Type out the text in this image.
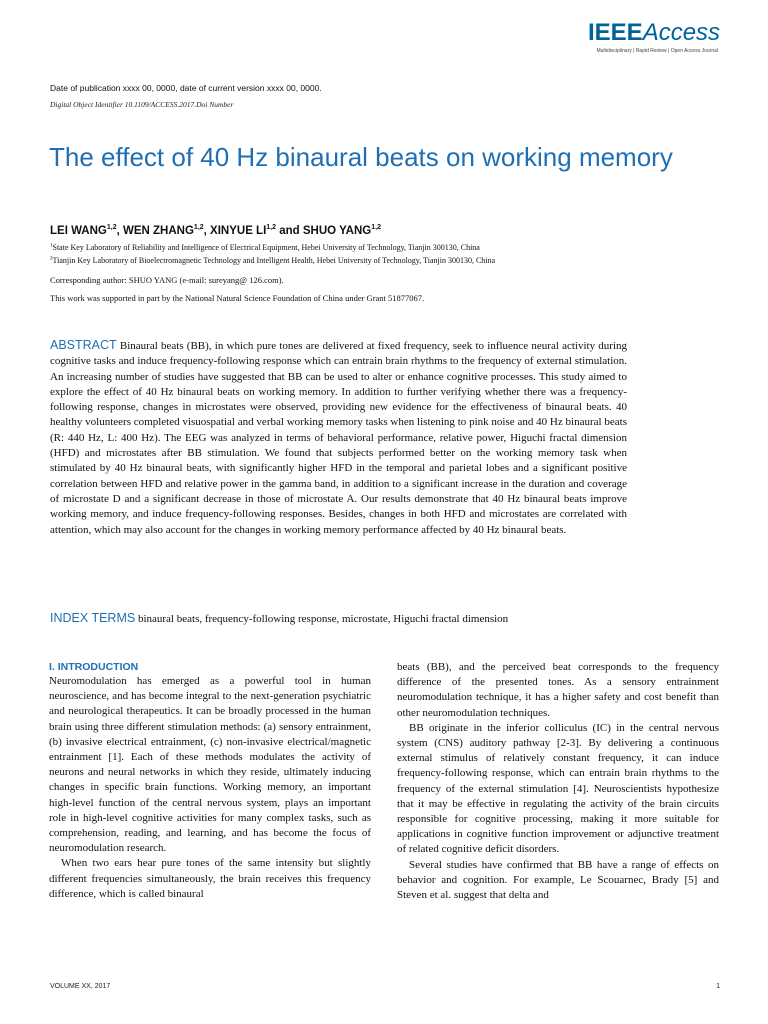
IEEEAccess
Multidisciplinary | Rapid Review | Open Access Journal
Date of publication xxxx 00, 0000, date of current version xxxx 00, 0000.
Digital Object Identifier 10.1109/ACCESS.2017.Doi Number
The effect of 40 Hz binaural beats on working memory
LEI WANG$^{1,2}$, WEN ZHANG$^{1,2}$, XINYUE LI$^{1,2}$ and SHUO YANG$^{1,2}$
$^1$State Key Laboratory of Reliability and Intelligence of Electrical Equipment, Hebei University of Technology, Tianjin 300130, China
$^2$Tianjin Key Laboratory of Bioelectromagnetic Technology and Intelligent Health, Hebei University of Technology, Tianjin 300130, China
Corresponding author: SHUO YANG (e-mail: sureyang@ 126.com).
This work was supported in part by the National Natural Science Foundation of China under Grant 51877067.

ABSTRACT Binaural beats (BB), in which pure tones are delivered at fixed frequency, seek to influence neural activity during cognitive tasks and induce frequency-following response which can entrain brain rhythms to the frequency of external stimulation. An increasing number of studies have suggested that BB can be used to alter or enhance cognitive processes. This study aimed to explore the effect of 40 Hz binaural beats on working memory. In addition to further verifying whether there was a frequency-following response, changes in microstates were observed, providing new evidence for the effectiveness of binaural beats. 40 healthy volunteers completed visuospatial and verbal working memory tasks when listening to pink noise and 40 Hz binaural beats (R: 440 Hz, L: 400 Hz). The EEG was analyzed in terms of behavioral performance, relative power, Higuchi fractal dimension (HFD) and microstates after BB stimulation. We found that subjects performed better on the working memory task when stimulated by 40 Hz binaural beats, with significantly higher HFD in the temporal and parietal lobes and a significant positive correlation between HFD and relative power in the gamma band, in addition to a significant increase in the duration and coverage of microstate D and a significant decrease in those of microstate A. Our results demonstrate that 40 Hz binaural beats improve working memory, and induce frequency-following responses. Besides, changes in both HFD and microstates are correlated with attention, which may also account for the changes in working memory performance affected by 40 Hz binaural beats.

INDEX TERMS binaural beats, frequency-following response, microstate, Higuchi fractal dimension

I. INTRODUCTION

Neuromodulation has emerged as a powerful tool in human neuroscience, and has become integral to the next-generation psychiatric and neurological therapeutics. It can be broadly processed in the human brain using three different stimulation methods: (a) sensory entrainment, (b) invasive electrical entrainment, (c) non-invasive electrical/magnetic entrainment [1]. Each of these methods modulates the activity of neurons and neural networks in which they reside, ultimately inducing changes in specific brain functions. Working memory, an important high-level function of the central nervous system, plays an important role in high-level cognitive activities for many complex tasks, such as comprehension, reading, and learning, and has become the focus of neuromodulation research.

When two ears hear pure tones of the same intensity but slightly different frequencies simultaneously, the brain receives this frequency difference, which is called binaural

beats (BB), and the perceived beat corresponds to the frequency difference of the presented tones. As a sensory entrainment neuromodulation technique, it has a higher safety and cost benefit than other neuromodulation techniques.

BB originate in the inferior colliculus (IC) in the central nervous system (CNS) auditory pathway [2-3]. By delivering a continuous external stimulus of relatively constant frequency, it can induce frequency-following response, which can entrain brain rhythms to the frequency of the external stimulation [4]. Neuroscientists hypothesize that it may be effective in regulating the activity of the brain circuits responsible for cognitive processing, making it more suitable for applications in cognitive function improvement or adjunctive treatment of related cognitive deficit disorders.

Several studies have confirmed that BB have a range of effects on behavior and cognition. For example, Le Scouarnec, Brady [5] and Steven et al. suggest that delta and

VOLUME XX, 2017	1
